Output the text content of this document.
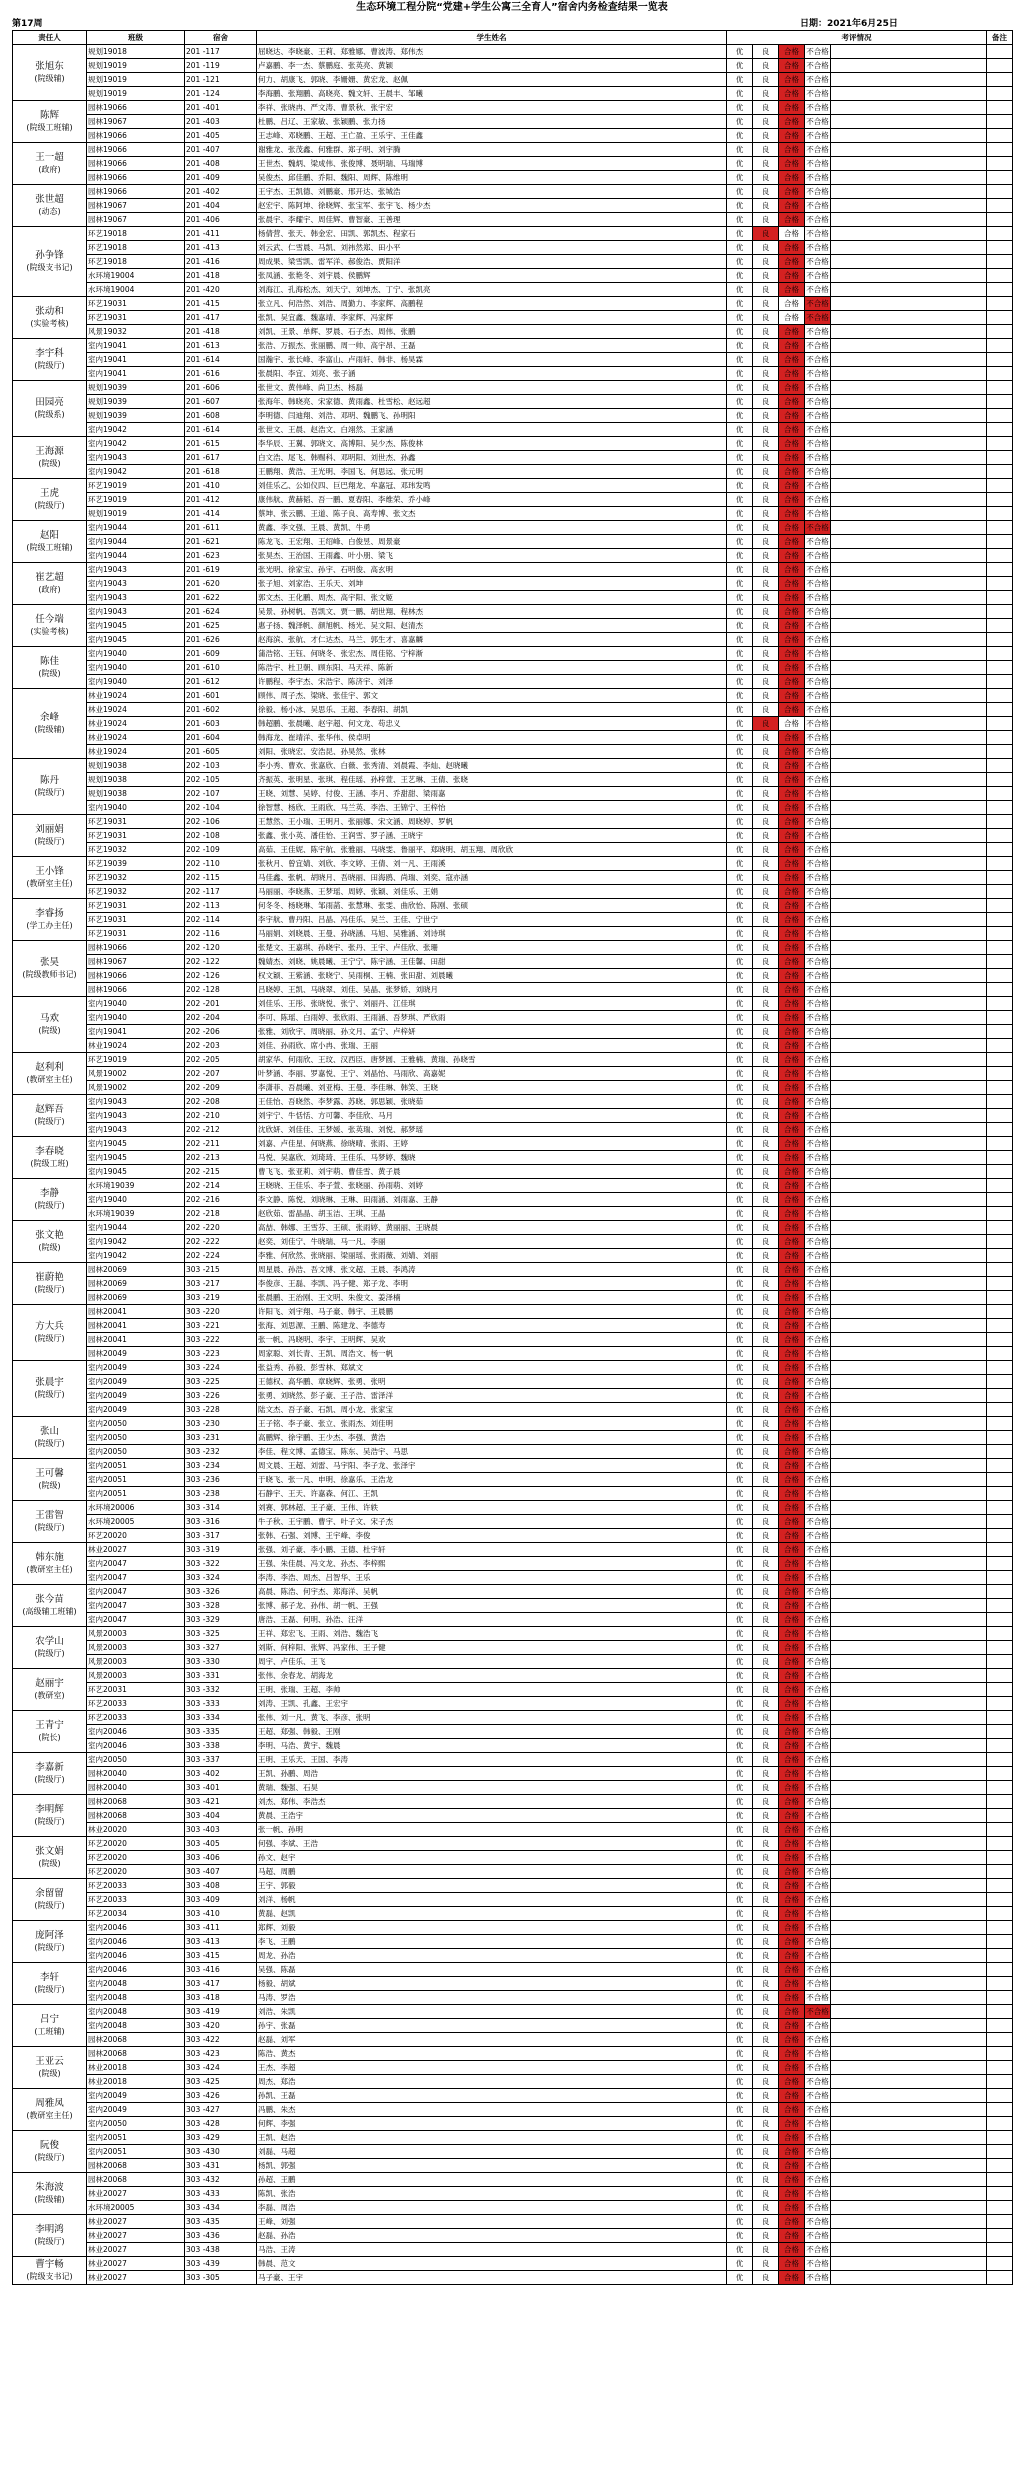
生态环境工程分院“党建+学生公寓三全育人”宿舍内务检查结果一览表
第17周	日期：2021年6月25日
责任人	班级	宿舍	学生姓名	考评情况					备注

张旭东
(院级辅)	规划19018	201 -117	屈晓达、李晓豪、王莉、郑雅娜、曹波涛、郑伟杰	优	良	合格	不合格		
	规划19019	201 -119	卢嘉鹏、李一杰、蔡鹏庭、张英亮、黄颖	优	良	合格	不合格		
	规划19019	201 -121	何力、胡康飞、郭晓、李姗姗、黄宏龙、赵佩	优	良	合格	不合格		
	规划19019	201 -124	李海鹏、张翔鹏、高晓亮、魏文轩、王晨丰、邹曦	优	良	合格	不合格		

陈辉
(院级工班辅)	园林19066	201 -401	李祥、张晓冉、严文涛、曹景秋、张宇宏	优	良	合格	不合格		
	园林19067	201 -403	杜鹏、吕辽、王家敏、张颖鹏、张力扬	优	良	合格	不合格		
	园林19066	201 -405	王志峰、邓晓鹏、王超、王亡盈、王乐宇、王佳鑫	优	良	合格	不合格		

王一超
(政府)	园林19066	201 -407	谢雅龙、张茂鑫、何雅群、郑子明、刘宇腾	优	良	合格	不合格		
	园林19066	201 -408	王世杰、魏炳、梁成伟、张俊博、聂明瑞、马瑞博	优	良	合格	不合格		
	园林19066	201 -409	吴俊杰、邱佳鹏、乔阳、魏阳、周辉、陈维明	优	良	合格	不合格		

张世超
(动态)	园林19066	201 -402	王宇杰、王凯德、刘鹏豪、邢开达、张城浩	优	良	合格	不合格		
	园林19067	201 -404	赵宏宇、陈阿坤、徐晓辉、张宝军、张宇飞、杨少杰	优	良	合格	不合格		
	园林19067	201 -406	张晨宇、李耀宇、周佳辉、曹智豪、王善理	优	良	合格	不合格		

孙争锋
(院级支书记)	环艺19018	201 -411	杨倩营、张天、韩金宏、田凯、郭凯杰、程家石	优	良	合格	不合格		
	环艺19018	201 -413	刘云武、仁雪晨、马凯、刘祎然郑、田小平	优	良	合格	不合格		
	环艺19018	201 -416	周成果、梁雪凯、雷军洋、郝俊浩、贾阳洋	优	良	合格	不合格		
	水环境19004	201 -418	张凤涵、张艳冬、刘宇晨、侯鹏辉	优	良	合格	不合格		
	水环境19004	201 -420	刘海江、孔海松杰、刘天宁、刘坤杰、丁宁、张凯亮	优	良	合格	不合格		

张动和
(实验考核)	环艺19031	201 -415	张立凡、何浩然、刘浩、周勤力、李家辉、高鹏程	优	良	合格	不合格		
	环艺19031	201 -417	张凯、吴宜鑫、魏嘉靖、李家辉、冯家辉	优	良	合格	不合格		
	风景19032	201 -418	刘凯、王景、单辉、罗晨、石子杰、周伟、张鹏	优	良	合格	不合格		

李宇科
(院级厅)	室内19041	201 -613	张浩、万振杰、张丽鹏、周一帅、高宇昂、王磊	优	良	合格	不合格		
	室内19041	201 -614	国瀚宇、张长峰、李富山、卢雨轩、韩非、杨昊霖	优	良	合格	不合格		
	室内19041	201 -616	张晨阳、李宜、刘亮、张子涵	优	良	合格	不合格		

田园亮
(院级系)	规划19039	201 -606	张世文、黄伟峰、尚卫杰、杨磊	优	良	合格	不合格		
	规划19039	201 -607	张海年、韩晓亮、宋家德、黄雨鑫、杜雪松、赵远超	优	良	合格	不合格		
	规划19039	201 -608	李明德、闫迪翔、刘浩、邓明、魏鹏飞、孙明阳	优	良	合格	不合格		
	室内19042	201 -614	张世文、王晨、赵浩文、白翊然、王家涵	优	良	合格	不合格		

王海源
(院级)	室内19042	201 -615	李华辰、王翼、郭晓文、高博阳、吴少杰、陈俊林	优	良	合格	不合格		
	室内19043	201 -617	白文浩、尾飞、韩赐科、邓明阳、刘世杰、孙鑫	优	良	合格	不合格		
	室内19042	201 -618	王鹏翔、黄浩、王光明、李国飞、何思远、张元明	优	良	合格	不合格		

王虎
(院级厅)	环艺19019	201 -410	刘佳乐乙、公如仪四、巨巴翔龙、牟嘉冠、邓玮发鸣	优	良	合格	不合格		
	环艺19019	201 -412	康伟航、黄赫韬、吾一鹏、夏春阳、李维荣、乔小峰	优	良	合格	不合格		
	规划19019	201 -414	蔡坤、张云鹏、王道、陈子良、高寿博、张文杰	优	良	合格	不合格		

赵阳
(院级工班辅)	室内19044	201 -611	黄鑫、李文强、王晨、黄凯、牛勇	优	良	合格	不合格		
	室内19044	201 -621	陈龙飞、王宏翔、王绍峰、白俊昱、周景豪	优	良	合格	不合格		
	室内19044	201 -623	张昊杰、王治国、王雨鑫、叶小朋、梁飞	优	良	合格	不合格		

崔艺超
(政府)	室内19043	201 -619	张光明、徐家宝、孙宇、石明俊、高玄明	优	良	合格	不合格		
	室内19043	201 -620	张子旭、刘家浩、王乐天、刘坤	优	良	合格	不合格		
	室内19043	201 -622	郭文杰、王化鹏、周杰、高宇阳、张文姬	优	良	合格	不合格		

任今端
(实验考核)	室内19043	201 -624	吴景、孙树帆、吾凯文、贾一鹏、胡世翔、程林杰	优	良	合格	不合格		
	室内19045	201 -625	惠子扬、魏泽帆、颜旭帆、杨光、吴文阳、赵清杰	优	良	合格	不合格		
	室内19045	201 -626	赵海滨、张航、才仁达杰、马兰、郭生才、喜嘉麟	优	良	合格	不合格		

陈佳
(院级)	室内19040	201 -609	蒲浩铭、王钰、何晓冬、张宏杰、周佳铭、宁梓渐	优	良	合格	不合格		
	室内19040	201 -610	陈浩宇、杜卫朝、顾东阳、马天祥、陈新	优	良	合格	不合格		
	室内19040	201 -612	许鹏程、李宇杰、宋浩宇、陈济宇、刘泽	优	良	合格	不合格		

余峰
(院级辅)	林业19024	201 -601	顾伟、周子杰、梁晓、张佳宇、郭文	优	良	合格	不合格		
	林业19024	201 -602	徐毅、杨小冰、吴思乐、王超、李春阳、胡凯	优	良	合格	不合格		
	林业19024	201 -603	韩超鹏、张晨曦、赵宇超、何文龙、苟忠义	优	良	合格	不合格		
	林业19024	201 -604	韩海龙、崔靖洋、张华伟、侯卓明	优	良	合格	不合格		
	林业19024	201 -605	刘阳、张晓宏、安浩昆、孙昊然、张林	优	良	合格	不合格		

陈丹
(院级厅)	规划19038	202 -103	李小秀、曹欢、张嘉欣、白薇、张秀清、刘晨霞、李灿、赵晓曦	优	良	合格	不合格		
	规划19038	202 -105	齐振英、张明星、张琪、程佳瑶、孙梓萱、王艺琳、王倩、张晓	优	良	合格	不合格		
	规划19038	202 -107	王晓、刘慧、吴婷、付俊、王涵、李月、乔甜甜、梁雨嘉	优	良	合格	不合格		
	室内19040	202 -104	徐智慧、杨欣、王雨欣、马兰英、李浩、王锦宁、王梓怡	优	良	合格	不合格		

刘丽娟
(院级厅)	环艺19031	202 -106	王慧然、王小瑞、王明月、张丽娜、宋文涵、周晓婷、罗帆	优	良	合格	不合格		
	环艺19031	202 -108	张鑫、张小英、潘佳怡、王润雪、罗子涵、王晓宇	优	良	合格	不合格		
	环艺19032	202 -109	高茹、王佳妮、陈宇航、张雅丽、马晓雯、鲁丽平、郑晓明、胡玉翔、周欣欣	优	良	合格	不合格		

王小锋
(教研室主任)	环艺19039	202 -110	张秋月、曾宜婧、刘欣、李文婷、王倩、刘一凡、王雨溪	优	良	合格	不合格		
	环艺19032	202 -115	马佳鑫、张帆、胡晓月、吾晓丽、田海鸥、尚瑞、刘奕、寇亦涵	优	良	合格	不合格		
	环艺19032	202 -117	马丽丽、李晓燕、王梦瑶、周婷、张颖、刘佳乐、王娟	优	良	合格	不合格		

李睿扬
(学工办主任)	环艺19031	202 -113	何冬冬、杨晓琳、邹雨菡、张慧琳、张雯、曲欣怡、陈刚、张硕	优	良	合格	不合格		
	环艺19031	202 -114	李宇航、曹丹阳、吕晶、冯佳乐、吴兰、王佳、宁世宁	优	良	合格	不合格		
	环艺19031	202 -116	马丽娟、刘晓晨、王曼、孙晓涵、马旭、吴雅涵、刘诗琪	优	良	合格	不合格		

张昊
(院级教师书记)	园林19066	202 -120	张楚文、王嘉琪、孙晓宇、张丹、王宇、卢佳欣、张珊	优	良	合格	不合格		
	园林19067	202 -122	魏婧杰、刘晓、姚晨曦、王宁宁、陈宇涵、王佳馨、田甜	优	良	合格	不合格		
	园林19066	202 -126	权文颖、王紫涵、张晓宁、吴雨桐、王楠、张田甜、刘晨曦	优	良	合格	不合格		
	园林19066	202 -128	吕晓婷、王凯、马晓翠、刘佳、吴晶、张梦娇、刘晓月	优	良	合格	不合格		

马欢
(院级)	室内19040	202 -201	刘佳乐、王彤、张晓悦、张宁、刘丽丹、江佳琪	优	良	合格	不合格		
	室内19040	202 -204	李可、陈瑶、白雨婷、张欣雨、王雨涵、吾梦琪、严欣雨	优	良	合格	不合格		
	室内19041	202 -206	张雅、刘欣宇、周晓丽、孙文月、孟宁、卢梓妍	优	良	合格	不合格		
	林业19024	202 -203	刘佳、孙雨欣、席小冉、张瑞、王丽	优	良	合格	不合格		

赵利利
(教研室主任)	环艺19019	202 -205	胡家华、何雨欣、王玟、汉西臣、唐梦圆、王雅楠、黄瑞、孙晓雪	优	良	合格	不合格		
	风景19002	202 -207	叶梦涵、李丽、罗嘉悦、王宁、刘晶怡、马雨欣、高嘉妮	优	良	合格	不合格		
	风景19002	202 -209	李潇菲、吾晨曦、刘亚梅、王曼、李佳琳、韩笑、王晓	优	良	合格	不合格		

赵辉吾
(院级厅)	室内19043	202 -208	王佳怡、吾晓然、李梦露、苏晓、郭思颖、张晓茹	优	良	合格	不合格		
	室内19043	202 -210	刘宇宁、牛恬恬、方可馨、李佳欣、马月	优	良	合格	不合格		
	室内19043	202 -212	沈欣妍、刘佳佳、王梦媛、张英瑞、刘悦、郝梦瑶	优	良	合格	不合格		

李春晓
(院级工班)	室内19045	202 -211	刘嘉、卢佳星、何晓燕、徐晓晴、张雨、王婷	优	良	合格	不合格		
	室内19045	202 -213	马悦、吴嘉欣、刘琦琦、王佳乐、马梦婷、魏晓	优	良	合格	不合格		
	室内19045	202 -215	曹飞飞、张亚莉、刘宇萌、曹佳雪、黄子晨	优	良	合格	不合格		

李静
(院级厅)	水环境19039	202 -214	王晓晓、王佳乐、李子萱、张晓丽、孙雨萌、刘婷	优	良	合格	不合格		
	室内19040	202 -216	李文静、陈悦、刘晓琳、王琳、田雨涵、刘雨嘉、王静	优	良	合格	不合格		
	水环境19039	202 -218	赵欣茹、雷晶晶、胡玉洁、王琪、王晶	优	良	合格	不合格		

张文艳
(院级)	室内19044	202 -220	高喆、韩娜、王雪芬、王硕、张雨婷、黄丽丽、王晓晨	优	良	合格	不合格		
	室内19042	202 -222	赵奕、刘佳宁、牛晓瑞、马一凡、李丽	优	良	合格	不合格		
	室内19042	202 -224	李雅、何欣然、张晓丽、梁丽瑶、张雨薇、刘婧、刘丽	优	良	合格	不合格		

崔蔚艳
(院级厅)	园林20069	303 -215	周星晨、孙浩、吾文博、张文超、王晨、李鸿涛	优	良	合格	不合格		
	园林20069	303 -217	李俊彦、王磊、李凯、冯子健、郑子龙、李明	优	良	合格	不合格		
	园林20069	303 -219	张晨鹏、王治刚、王文明、朱俊文、姜泽楠	优	良	合格	不合格		

方大兵
(院级厅)	园林20041	303 -220	许阳飞、刘宇翔、马子豪、韩宇、王晨鹏	优	良	合格	不合格		
	园林20041	303 -221	张海、刘思源、王鹏、陈建龙、李德寿	优	良	合格	不合格		
	园林20041	303 -222	张一帆、冯晓明、李宇、王明辉、吴欢	优	良	合格	不合格		
	园林20049	303 -223	周家聪、刘长青、王凯、周浩文、杨一帆	优	良	合格	不合格		

张晨宇
(院级厅)	室内20049	303 -224	张益秀、孙毅、彭雪林、郑斌文	优	良	合格	不合格		
	室内20049	303 -225	王德权、高华鹏、章晓辉、张勇、张明	优	良	合格	不合格		
	室内20049	303 -226	张勇、刘晓然、彭子豪、王子浩、雷泽洋	优	良	合格	不合格		
	室内20049	303 -228	陆文杰、吾子豪、石凯、周小龙、张家宝	优	良	合格	不合格		

张山
(院级厅)	室内20050	303 -230	王子铭、李子豪、张立、张雨杰、刘佳明	优	良	合格	不合格		
	室内20050	303 -231	高鹏辉、徐宇鹏、王少杰、李强、黄浩	优	良	合格	不合格		
	室内20050	303 -232	李佳、程文博、孟德宝、陈东、吴浩宇、马思	优	良	合格	不合格		

王可馨
(院级)	室内20051	303 -234	周文晨、王超、刘雷、马宇阳、李子龙、张泽宇	优	良	合格	不合格		
	室内20051	303 -236	于晓飞、张一凡、申明、徐嘉乐、王浩龙	优	良	合格	不合格		
	室内20051	303 -238	石静宇、王天、许嘉森、何江、王凯	优	良	合格	不合格		

王雷智
(院级厅)	水环境20006	303 -314	刘赛、郭林超、王子豪、王伟、许轶	优	良	合格	不合格		
	水环境20005	303 -316	牛子秋、王宇鹏、曹宇、叶子文、宋子杰	优	良	合格	不合格		
	环艺20020	303 -317	张韩、石强、刘博、王宇峰、李俊	优	良	合格	不合格		

韩东施
(教研室主任)	林业20027	303 -319	张强、刘子豪、李小鹏、王德、杜宇轩	优	良	合格	不合格		
	室内20047	303 -322	王强、朱佳晨、冯文龙、孙杰、李梓熙	优	良	合格	不合格		
	室内20047	303 -324	李涛、李浩、周杰、吕智华、王乐	优	良	合格	不合格		

张今苗
(高级辅工班辅)	室内20047	303 -326	高晨、陈浩、何宇杰、郑海洋、吴帆	优	良	合格	不合格		
	室内20047	303 -328	张博、郝子龙、孙伟、胡一帆、王强	优	良	合格	不合格		
	室内20047	303 -329	唐浩、王磊、何明、孙浩、汪洋	优	良	合格	不合格		

农学山
(院级厅)	风景20003	303 -325	王祥、郑宏飞、王雨、刘浩、魏浩飞	优	良	合格	不合格		
	风景20003	303 -327	刘斯、何梓阳、张辉、冯家伟、王子健	优	良	合格	不合格		
	风景20003	303 -330	周宇、卢佳乐、王飞	优	良	合格	不合格		

赵丽宇
(教研室)	风景20003	303 -331	张伟、余春龙、胡海龙	优	良	合格	不合格		
	环艺20031	303 -332	王明、张瑞、王超、李帅	优	良	合格	不合格		
	环艺20033	303 -333	刘涛、王凯、孔鑫、王宏宇	优	良	合格	不合格		

王青宁
(院长)	环艺20033	303 -334	张伟、刘一凡、黄飞、李彦、张明	优	良	合格	不合格		
	室内20046	303 -335	王超、郑强、韩毅、王刚	优	良	合格	不合格		
	室内20046	303 -338	李明、马浩、黄宇、魏晨	优	良	合格	不合格		

李嘉新
(院级厅)	室内20050	303 -337	王明、王乐天、王国、李涛	优	良	合格	不合格		
	园林20040	303 -402	王凯、孙鹏、周浩	优	良	合格	不合格		
	园林20040	303 -401	黄瑞、魏强、石昊	优	良	合格	不合格		

李明辉
(院级厅)	园林20068	303 -421	刘杰、郑伟、李浩杰	优	良	合格	不合格		
	园林20068	303 -404	黄晨、王浩宇	优	良	合格	不合格		
	林业20020	303 -403	张一帆、孙明	优	良	合格	不合格		

张文娟
(院级)	环艺20020	303 -405	何强、李斌、王浩	优	良	合格	不合格		
	环艺20020	303 -406	孙文、赵宇	优	良	合格	不合格		
	环艺20020	303 -407	马超、周鹏	优	良	合格	不合格		

余留留
(院级厅)	环艺20033	303 -408	王宇、郭毅	优	良	合格	不合格		
	环艺20033	303 -409	刘洋、杨帆	优	良	合格	不合格		
	环艺20034	303 -410	黄磊、赵凯	优	良	合格	不合格		

庞阿泽
(院级厅)	室内20046	303 -411	郑辉、刘毅	优	良	合格	不合格		
	室内20046	303 -413	李飞、王鹏	优	良	合格	不合格		
	室内20046	303 -415	周龙、孙浩	优	良	合格	不合格		

李轩
(院级厅)	室内20046	303 -416	吴强、陈磊	优	良	合格	不合格		
	室内20048	303 -417	杨毅、胡斌	优	良	合格	不合格		
	室内20048	303 -418	马涛、罗浩	优	良	合格	不合格		

吕宁
(工班辅)	室内20048	303 -419	刘浩、朱凯	优	良	合格	不合格		
	室内20048	303 -420	孙宇、张磊	优	良	合格	不合格		
	园林20068	303 -422	赵磊、刘军	优	良	合格	不合格		

王亚云
(院级)	园林20068	303 -423	陈浩、黄杰	优	良	合格	不合格		
	林业20018	303 -424	王杰、李超	优	良	合格	不合格		
	林业20018	303 -425	周杰、郑浩	优	良	合格	不合格		

周雅凤
(教研室主任)	室内20049	303 -426	孙凯、王磊	优	良	合格	不合格		
	室内20049	303 -427	冯鹏、朱杰	优	良	合格	不合格		
	室内20050	303 -428	何辉、李强	优	良	合格	不合格		

阮俊
(院级厅)	室内20051	303 -429	王凯、赵浩	优	良	合格	不合格		
	室内20051	303 -430	刘磊、马超	优	良	合格	不合格		
	园林20068	303 -431	杨凯、郭强	优	良	合格	不合格		

朱海波
(院级辅)	园林20068	303 -432	孙超、王鹏	优	良	合格	不合格		
	林业20027	303 -433	陈凯、张浩	优	良	合格	不合格		
	水环境20005	303 -434	李磊、周浩	优	良	合格	不合格		

李明鸿
(院级厅)	林业20027	303 -435	王峰、刘强	优	良	合格	不合格		
	林业20027	303 -436	赵磊、孙浩	优	良	合格	不合格		
	林业20027	303 -438	马浩、王涛	优	良	合格	不合格		

曹宇畅
(院级支书记)	林业20027	303 -439	韩晨、范文	优	良	合格	不合格		
	林业20027	303 -305	马子豪、王宇	优	良	合格	不合格		
